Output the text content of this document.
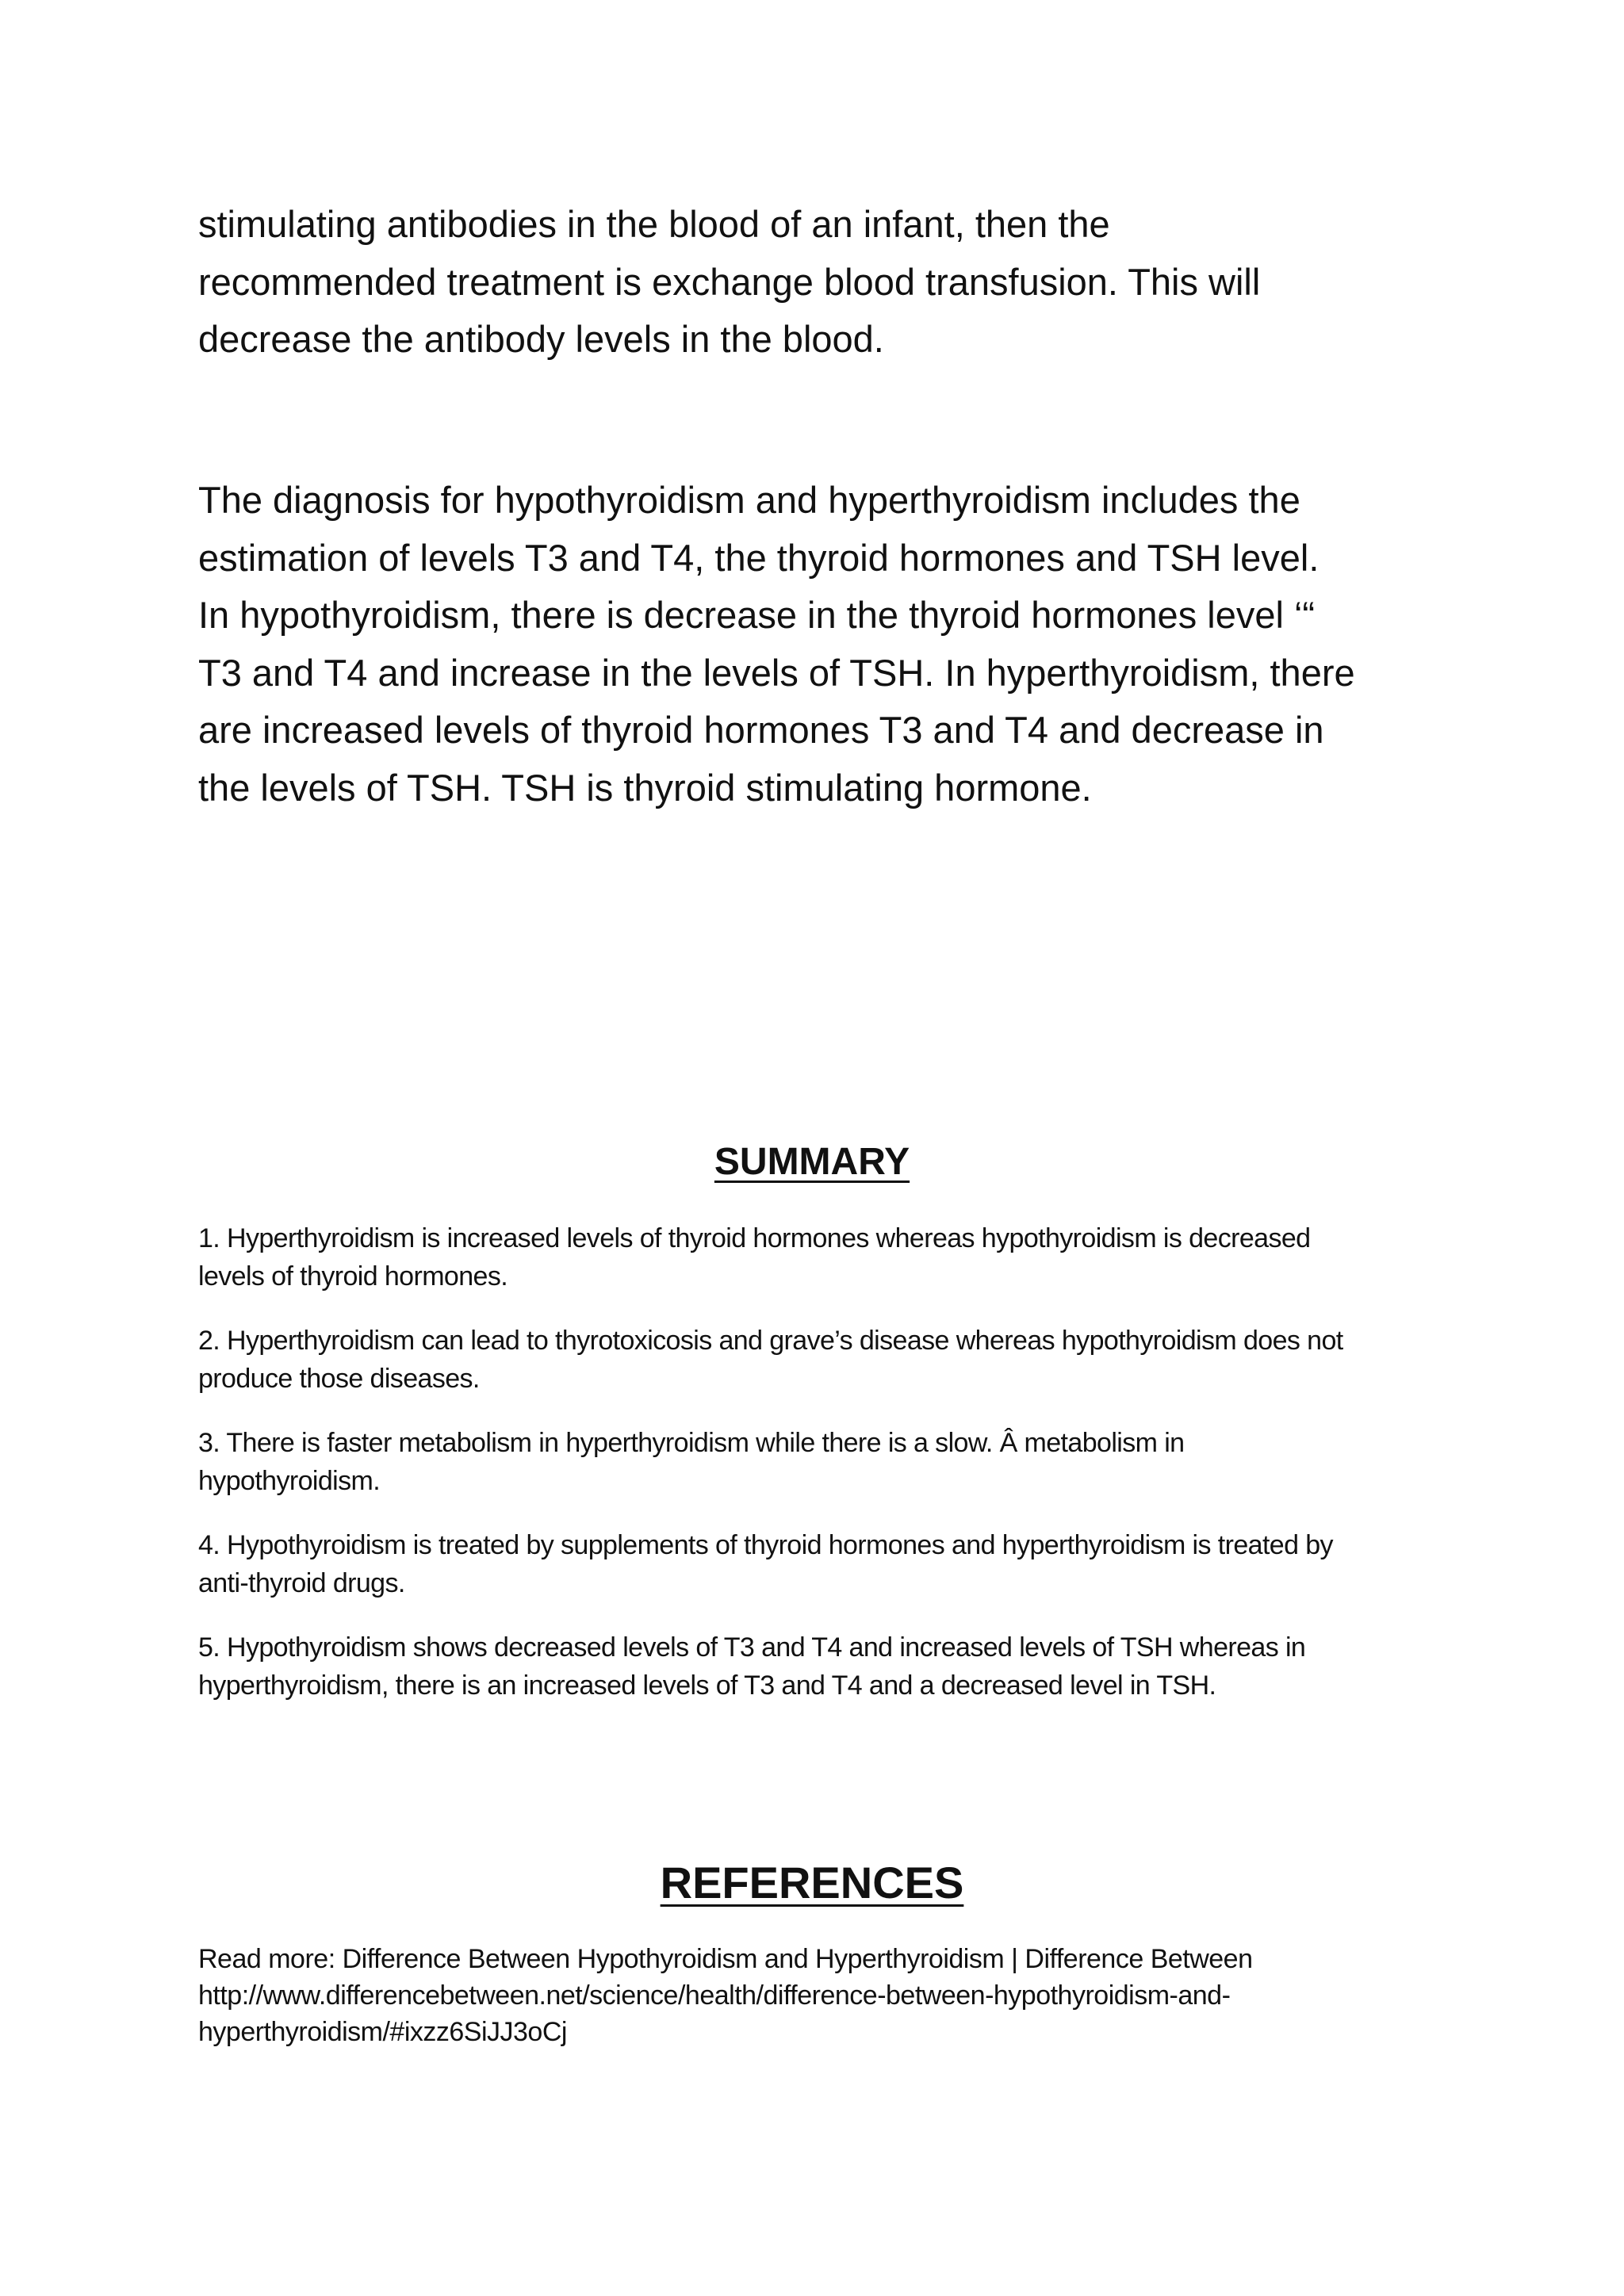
stimulating antibodies in the blood of an infant, then the
recommended treatment is exchange blood transfusion. This will
decrease the antibody levels in the blood.

The diagnosis for hypothyroidism and hyperthyroidism includes the
estimation of levels T3 and T4, the thyroid hormones and TSH level.
In hypothyroidism, there is decrease in the thyroid hormones level ‘“
T3 and T4 and increase in the levels of TSH. In hyperthyroidism, there
are increased levels of thyroid hormones T3 and T4 and decrease in
the levels of TSH. TSH is thyroid stimulating hormone.

SUMMARY
1. Hyperthyroidism is increased levels of thyroid hormones whereas hypothyroidism is decreased
levels of thyroid hormones.
2. Hyperthyroidism can lead to thyrotoxicosis and grave’s disease whereas hypothyroidism does not
produce those diseases.
3. There is faster metabolism in hyperthyroidism while there is a slow. Â metabolism in
hypothyroidism.
4. Hypothyroidism is treated by supplements of thyroid hormones and hyperthyroidism is treated by
anti-thyroid drugs.
5. Hypothyroidism shows decreased levels of T3 and T4 and increased levels of TSH whereas in
hyperthyroidism, there is an increased levels of T3 and T4 and a decreased level in TSH.
REFERENCES

Read more: Difference Between Hypothyroidism and Hyperthyroidism | Difference Between
http://www.differencebetween.net/science/health/difference-between-hypothyroidism-and-
hyperthyroidism/#ixzz6SiJJ3oCj
